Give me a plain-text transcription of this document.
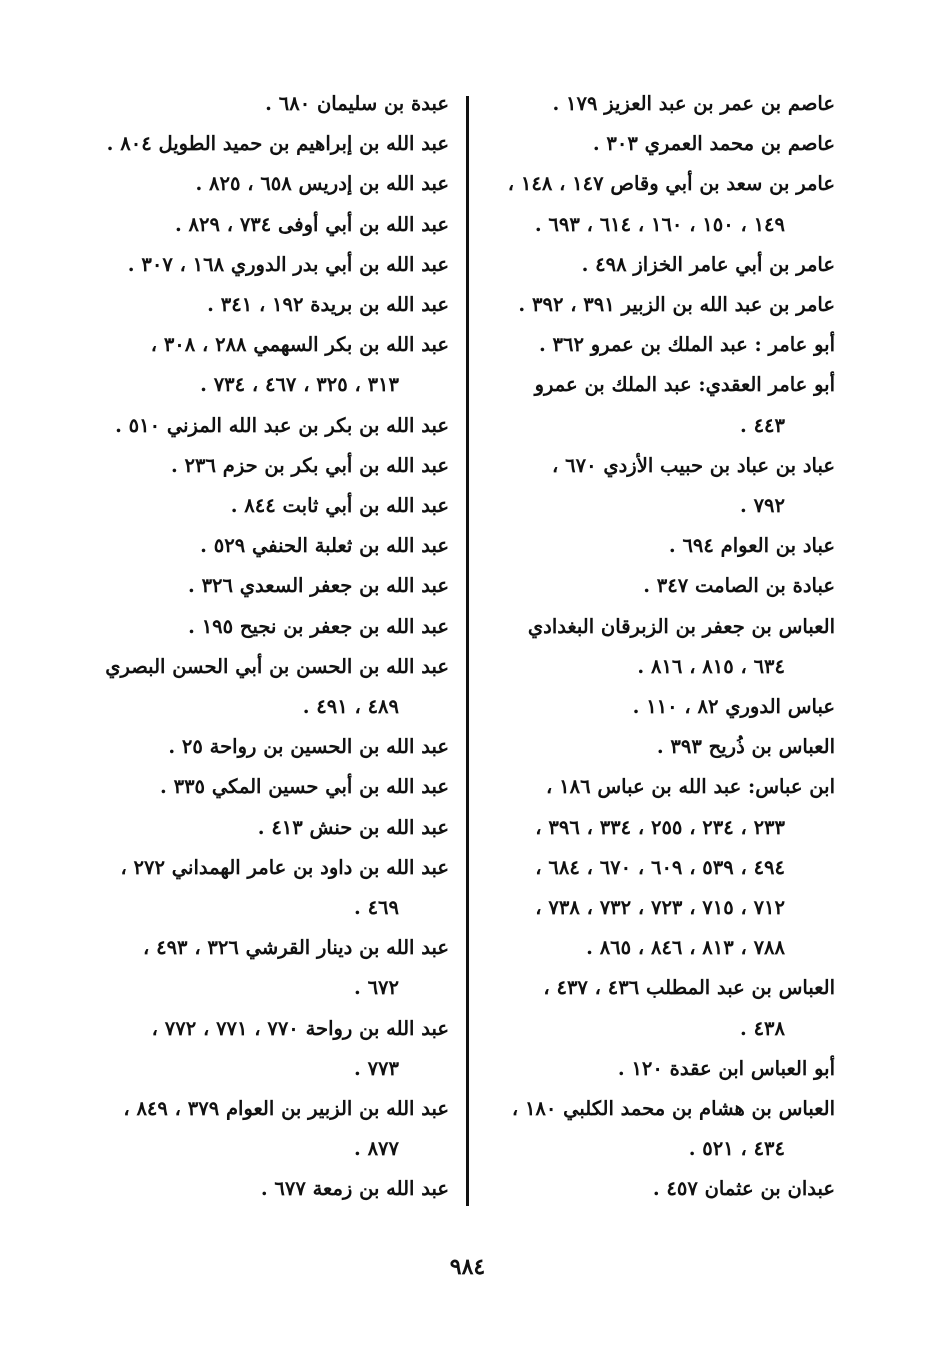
عاصم بن عمر بن عبد العزيز ١٧٩ .
عاصم بن محمد العمري ٣٠٣ .
عامر بن سعد بن أبي وقاص ١٤٧ ، ١٤٨ ،
١٤٩ ، ١٥٠ ، ١٦٠ ، ٦١٤ ، ٦٩٣ .
عامر بن أبي عامر الخزاز ٤٩٨ .
عامر بن عبد الله بن الزبير ٣٩١ ، ٣٩٢ .
أبو عامر : عبد الملك بن عمرو ٣٦٢ .
أبو عامر العقدي: عبد الملك بن عمرو
٤٤٣ .
عباد بن عباد بن حبيب الأزدي ٦٧٠ ،
٧٩٢ .
عباد بن العوام ٦٩٤ .
عبادة بن الصامت ٣٤٧ .
العباس بن جعفر بن الزبرقان البغدادي
٦٣٤ ، ٨١٥ ، ٨١٦ .
عباس الدوري ٨٢ ، ١١٠ .
العباس بن ذُريح ٣٩٣ .
ابن عباس: عبد الله بن عباس ١٨٦ ،
٢٣٣ ، ٢٣٤ ، ٢٥٥ ، ٣٣٤ ، ٣٩٦ ،
٤٩٤ ، ٥٣٩ ، ٦٠٩ ، ٦٧٠ ، ٦٨٤ ،
٧١٢ ، ٧١٥ ، ٧٢٣ ، ٧٣٢ ، ٧٣٨ ،
٧٨٨ ، ٨١٣ ، ٨٤٦ ، ٨٦٥ .
العباس بن عبد المطلب ٤٣٦ ، ٤٣٧ ،
٤٣٨ .
أبو العباس ابن عقدة ١٢٠ .
العباس بن هشام بن محمد الكلبي ١٨٠ ،
٤٣٤ ، ٥٢١ .
عبدان بن عثمان ٤٥٧ .
عبدة بن سليمان ٦٨٠ .
عبد الله بن إبراهيم بن حميد الطويل ٨٠٤ .
عبد الله بن إدريس ٦٥٨ ، ٨٢٥ .
عبد الله بن أبي أوفى ٧٣٤ ، ٨٢٩ .
عبد الله بن أبي بدر الدوري ١٦٨ ، ٣٠٧ .
عبد الله بن بريدة ١٩٢ ، ٣٤١ .
عبد الله بن بكر السهمي ٢٨٨ ، ٣٠٨ ،
٣١٣ ، ٣٢٥ ، ٤٦٧ ، ٧٣٤ .
عبد الله بن بكر بن عبد الله المزني ٥١٠ .
عبد الله بن أبي بكر بن حزم ٢٣٦ .
عبد الله بن أبي ثابت ٨٤٤ .
عبد الله بن ثعلبة الحنفي ٥٢٩ .
عبد الله بن جعفر السعدي ٣٢٦ .
عبد الله بن جعفر بن نجيح ١٩٥ .
عبد الله بن الحسن بن أبي الحسن البصري
٤٨٩ ، ٤٩١ .
عبد الله بن الحسين بن رواحة ٢٥ .
عبد الله بن أبي حسين المكي ٣٣٥ .
عبد الله بن حنش ٤١٣ .
عبد الله بن داود بن عامر الهمداني ٢٧٢ ،
٤٦٩ .
عبد الله بن دينار القرشي ٣٢٦ ، ٤٩٣ ،
٦٧٢ .
عبد الله بن رواحة ٧٧٠ ، ٧٧١ ، ٧٧٢ ،
٧٧٣ .
عبد الله بن الزبير بن العوام ٣٧٩ ، ٨٤٩ ،
٨٧٧ .
عبد الله بن زمعة ٦٧٧ .
٩٨٤
